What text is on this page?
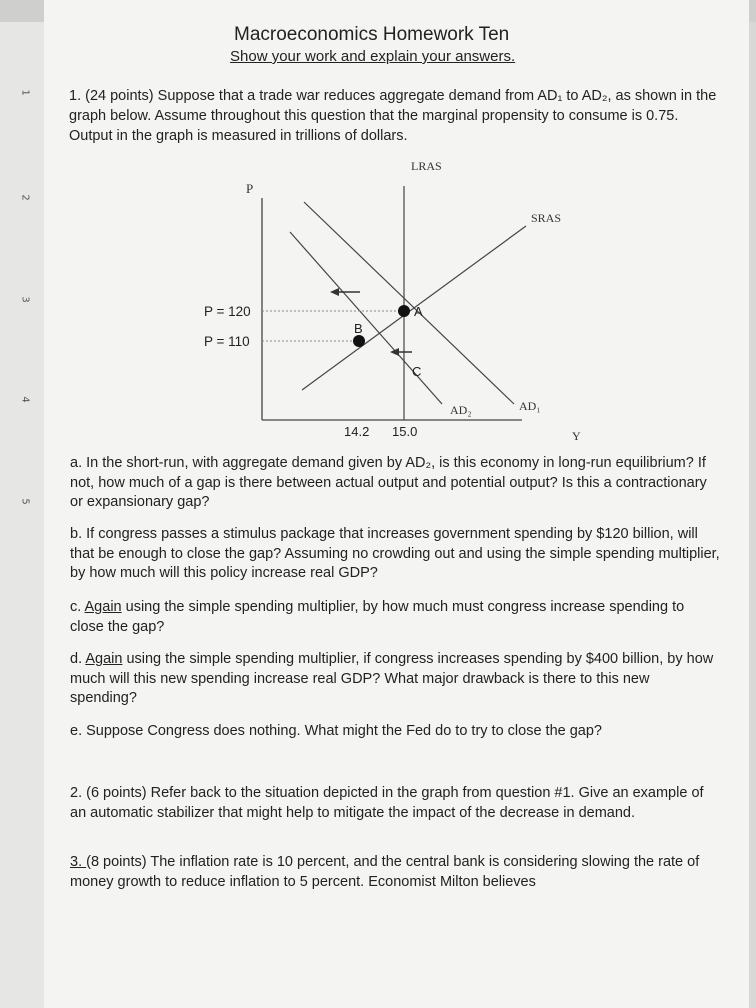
1
2
3
4
5
Macroeconomics Homework Ten
Show your work and explain your answers.
1. (24 points) Suppose that a trade war reduces aggregate demand from AD₁ to AD₂, as shown in the graph below. Assume throughout this question that the marginal propensity to consume is 0.75. Output in the graph is measured in trillions of dollars.
LRAS
P
SRAS
P = 120
P = 110
A
B
C
AD₂	AD₁
14.2 15.0	Y
a. In the short-run, with aggregate demand given by AD₂, is this economy in long-run equilibrium? If not, how much of a gap is there between actual output and potential output? Is this a contractionary or expansionary gap?
b. If congress passes a stimulus package that increases government spending by $120 billion, will that be enough to close the gap? Assuming no crowding out and using the simple spending multiplier, by how much will this policy increase real GDP?
c. Again using the simple spending multiplier, by how much must congress increase spending to close the gap?
d. Again using the simple spending multiplier, if congress increases spending by $400 billion, by how much will this new spending increase real GDP? What major drawback is there to this new spending?
e. Suppose Congress does nothing. What might the Fed do to try to close the gap?
2. (6 points) Refer back to the situation depicted in the graph from question #1. Give an example of an automatic stabilizer that might help to mitigate the impact of the decrease in demand.
3. (8 points) The inflation rate is 10 percent, and the central bank is considering slowing the rate of money growth to reduce inflation to 5 percent. Economist Milton believes
